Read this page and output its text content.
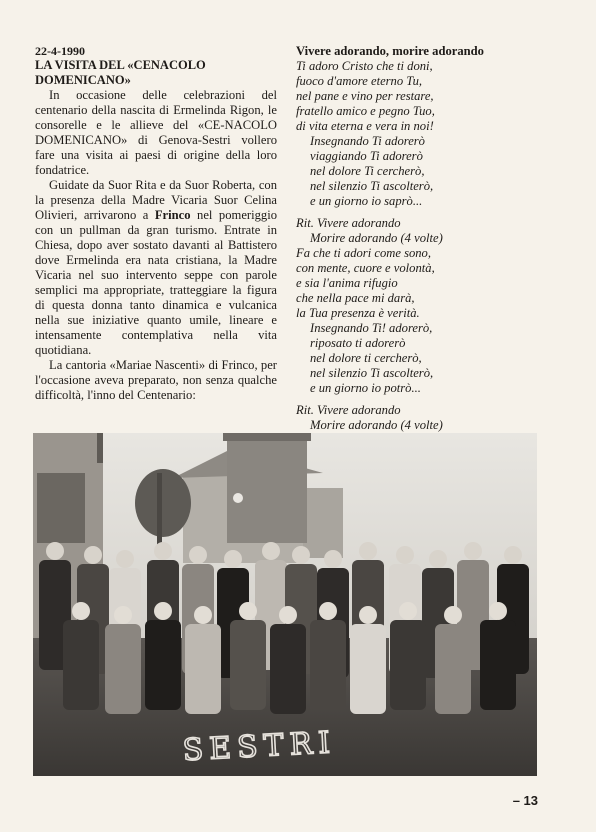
22-4-1990
LA VISITA DEL «CENACOLO
DOMENICANO»

In occasione delle celebrazioni del centenario della nascita di Ermelinda Rigon, le consorelle e le allieve del «CE-NACOLO DOMENICANO» di Genova-Sestri vollero fare una visita ai paesi di origine della loro fondatrice.

Guidate da Suor Rita e da Suor Roberta, con la presenza della Madre Vicaria Suor Celina Olivieri, arrivarono a Frinco nel pomeriggio con un pullman da gran turismo. Entrate in Chiesa, dopo aver sostato davanti al Battistero dove Ermelinda era nata cristiana, la Madre Vicaria nel suo intervento seppe con parole semplici ma appropriate, tratteggiare la figura di questa donna tanto dinamica e vulcanica nella sue iniziative quanto umile, lineare e intensamente contemplativa nella vita quotidiana.

La cantoria «Mariae Nascenti» di Frinco, per l'occasione aveva preparato, non senza qualche difficoltà, l'inno del Centenario:

Vivere adorando, morire adorando
Ti adoro Cristo che ti doni,
fuoco d'amore eterno Tu,
nel pane e vino per restare,
fratello amico e pegno Tuo,
di vita eterna e vera in noi!
Insegnando Ti adorerò
viaggiando Ti adorerò
nel dolore Ti cercherò,
nel silenzio Ti ascolterò,
e un giorno io saprò...
Rit. Vivere adorando
Morire adorando (4 volte)
Fa che ti adori come sono,
con mente, cuore e volontà,
e sia l'anima rifugio
che nella pace mi darà,
la Tua presenza è verità.
Insegnando Ti! adorerò,
riposato ti adorerò
nel dolore ti cercherò,
nel silenzio Ti ascolterò,
e un giorno io potrò...
Rit. Vivere adorando
Morire adorando (4 volte)
SESTRI
– 13
